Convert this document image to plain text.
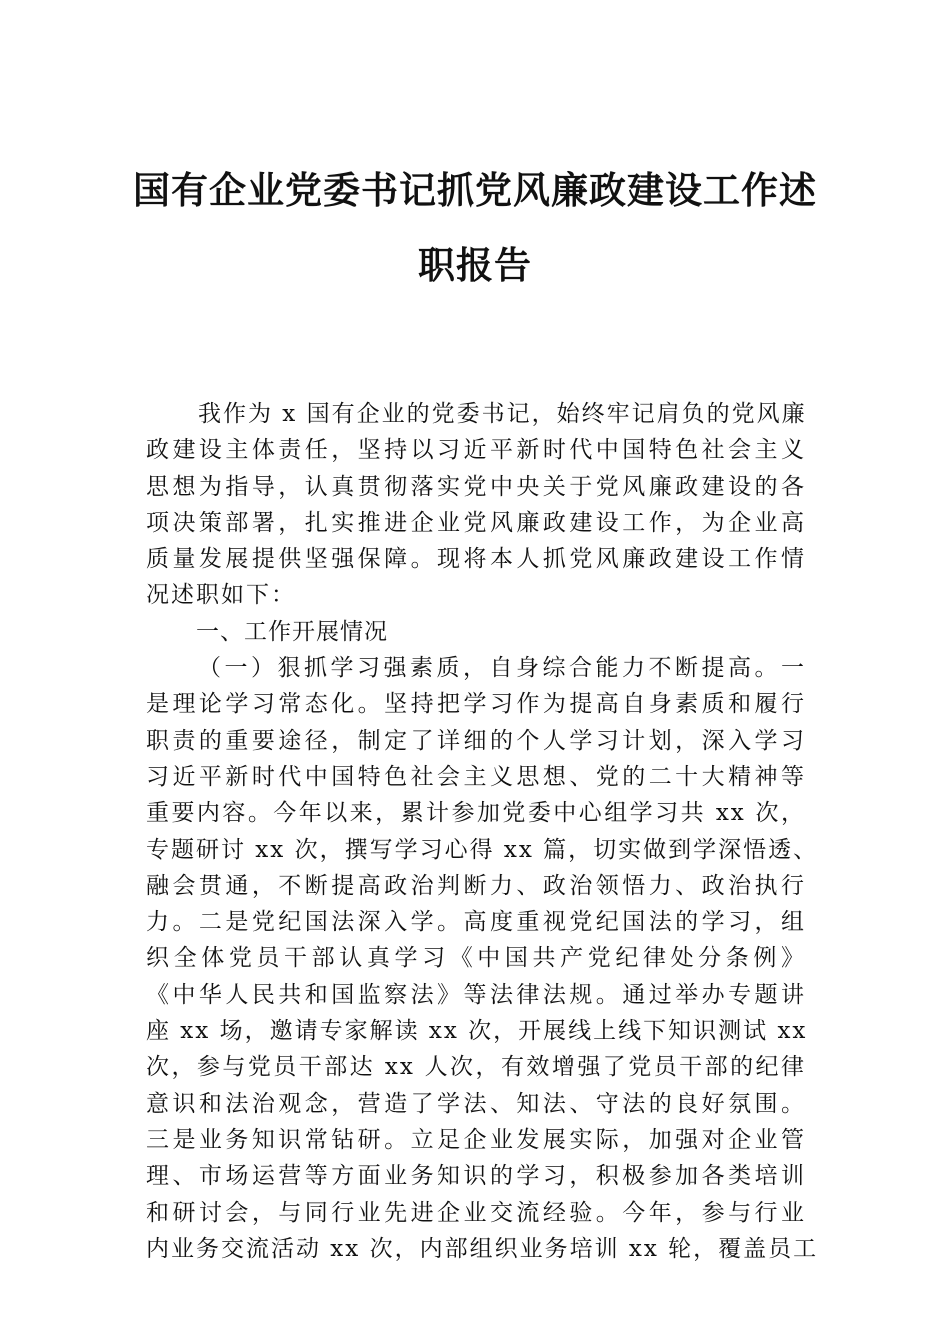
国有企业党委书记抓党风廉政建设工作述
职报告
我作为 x 国有企业的党委书记，始终牢记肩负的党风廉
政建设主体责任，坚持以习近平新时代中国特色社会主义
思想为指导，认真贯彻落实党中央关于党风廉政建设的各
项决策部署，扎实推进企业党风廉政建设工作，为企业高
质量发展提供坚强保障。现将本人抓党风廉政建设工作情
况述职如下：
一、工作开展情况
（一）狠抓学习强素质，自身综合能力不断提高。一
是理论学习常态化。坚持把学习作为提高自身素质和履行
职责的重要途径，制定了详细的个人学习计划，深入学习
习近平新时代中国特色社会主义思想、党的二十大精神等
重要内容。今年以来，累计参加党委中心组学习共 xx 次，
专题研讨 xx 次，撰写学习心得 xx 篇，切实做到学深悟透、
融会贯通，不断提高政治判断力、政治领悟力、政治执行
力。二是党纪国法深入学。高度重视党纪国法的学习，组
织全体党员干部认真学习《中国共产党纪律处分条例》
《中华人民共和国监察法》等法律法规。通过举办专题讲
座 xx 场，邀请专家解读 xx 次，开展线上线下知识测试 xx
次，参与党员干部达 xx 人次，有效增强了党员干部的纪律
意识和法治观念，营造了学法、知法、守法的良好氛围。
三是业务知识常钻研。立足企业发展实际，加强对企业管
理、市场运营等方面业务知识的学习，积极参加各类培训
和研讨会，与同行业先进企业交流经验。今年，参与行业
内业务交流活动 xx 次，内部组织业务培训 xx 轮，覆盖员工
